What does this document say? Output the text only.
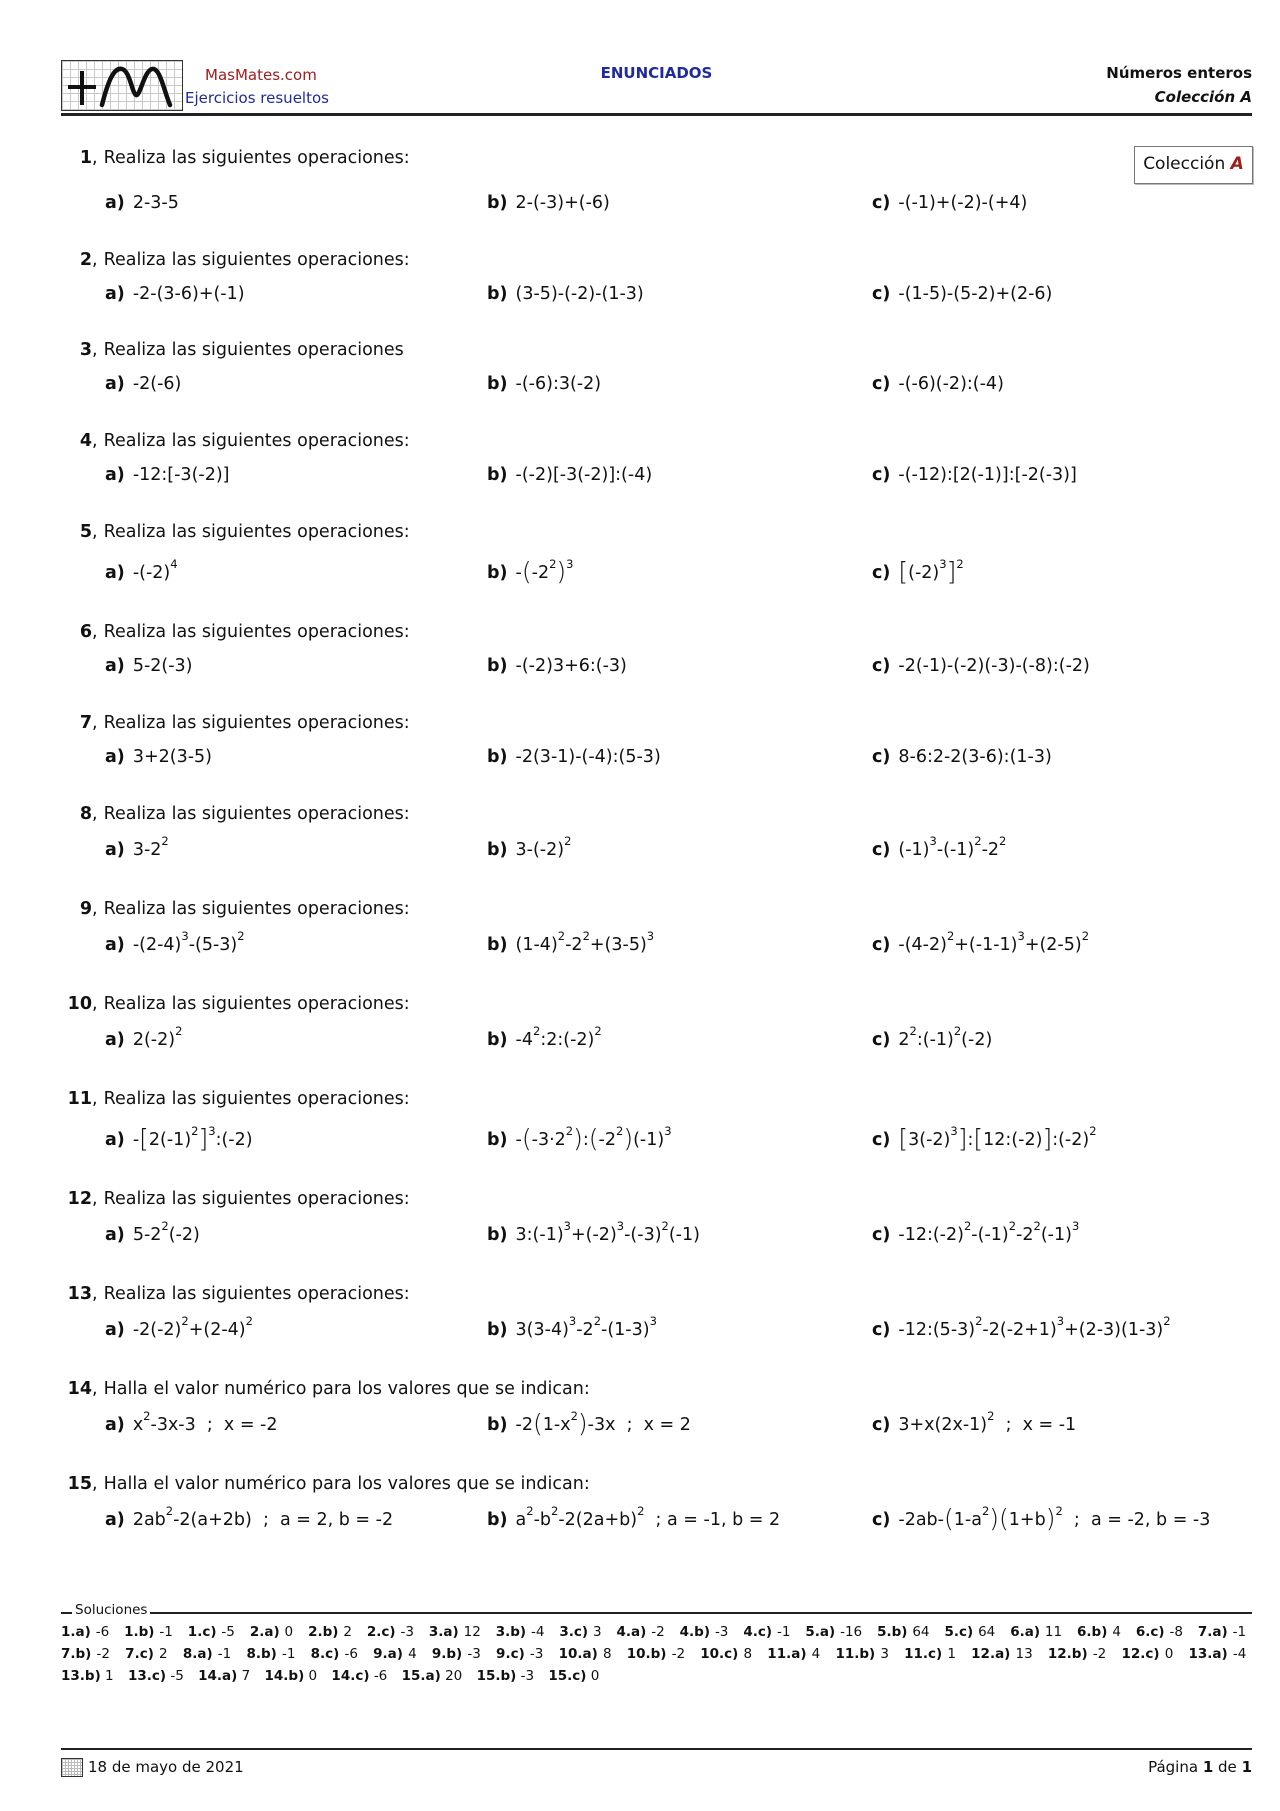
MasMates.com
Ejercicios resueltos
ENUNCIADOS	Números enteros
Colección A
Colección A
1, Realiza las siguientes operaciones:
a) 2-3-5	b) 2-(-3)+(-6)	c) -(-1)+(-2)-(+4)
2, Realiza las siguientes operaciones:
a) -2-(3-6)+(-1)	b) (3-5)-(-2)-(1-3)	c) -(1-5)-(5-2)+(2-6)
3, Realiza las siguientes operaciones
a) -2(-6)	b) -(-6):3(-2)	c) -(-6)(-2):(-4)
4, Realiza las siguientes operaciones:
a) -12:[-3(-2)]	b) -(-2)[-3(-2)]:(-4)	c) -(-12):[2(-1)]:[-2(-3)]
5, Realiza las siguientes operaciones:
a) $-(-2)^4$	b) $-(-2^2)^3$	c) $[(-2)^3]^2$
6, Realiza las siguientes operaciones:
a) 5-2(-3)	b) -(-2)3+6:(-3)	c) -2(-1)-(-2)(-3)-(-8):(-2)
7, Realiza las siguientes operaciones:
a) 3+2(3-5)	b) -2(3-1)-(-4):(5-3)	c) 8-6:2-2(3-6):(1-3)
8, Realiza las siguientes operaciones:
a) $3-2^2$	b) $3-(-2)^2$	c) $(-1)^3-(-1)^2-2^2$
9, Realiza las siguientes operaciones:
a) $-(2-4)^3-(5-3)^2$	b) $(1-4)^2-2^2+(3-5)^3$	c) $-(4-2)^2+(-1-1)^3+(2-5)^2$
10, Realiza las siguientes operaciones:
a) $2(-2)^2$	b) $-4^2:2:(-2)^2$	c) $2^2:(-1)^2(-2)$
11, Realiza las siguientes operaciones:
a) $-[2(-1)^2]^3:(-2)$	b) $-(-3\cdot 2^2):(-2^2)(-1)^3$	c) $[3(-2)^3]:[12:(-2)]:(-2)^2$
12, Realiza las siguientes operaciones:
a) $5-2^2(-2)$	b) $3:(-1)^3+(-2)^3-(-3)^2(-1)$	c) $-12:(-2)^2-(-1)^2-2^2(-1)^3$
13, Realiza las siguientes operaciones:
a) $-2(-2)^2+(2-4)^2$	b) $3(3-4)^3-2^2-(1-3)^3$	c) $-12:(5-3)^2-2(-2+1)^3+(2-3)(1-3)^2$
14, Halla el valor numérico para los valores que se indican:
a) $x^2-3x-3$  ;  x = -2	b) $-2(1-x^2)-3x$  ;  x = 2	c) $3+x(2x-1)^2$  ;  x = -1
15, Halla el valor numérico para los valores que se indican:
a) $2ab^2-2(a+2b)$  ;  a = 2, b = -2	b) $a^2-b^2-2(2a+b)^2$  ; a = -1, b = 2	c) $-2ab-(1-a^2)(1+b)^2$  ;  a = -2, b = -3
Soluciones
1.a) -6 1.b) -1 1.c) -5 2.a) 0 2.b) 2 2.c) -3 3.a) 12 3.b) -4 3.c) 3 4.a) -2 4.b) -3 4.c) -1 5.a) -16 5.b) 64 5.c) 64 6.a) 11 6.b) 4 6.c) -8 7.a) -1 7.b) -2 7.c) 2 8.a) -1 8.b) -1 8.c) -6 9.a) 4 9.b) -3 9.c) -3 10.a) 8 10.b) -2 10.c) 8 11.a) 4 11.b) 3 11.c) 1 12.a) 13 12.b) -2 12.c) 0 13.a) -4 13.b) 1 13.c) -5 14.a) 7 14.b) 0 14.c) -6 15.a) 20 15.b) -3 15.c) 0
18 de mayo de 2021	Página 1 de 1
